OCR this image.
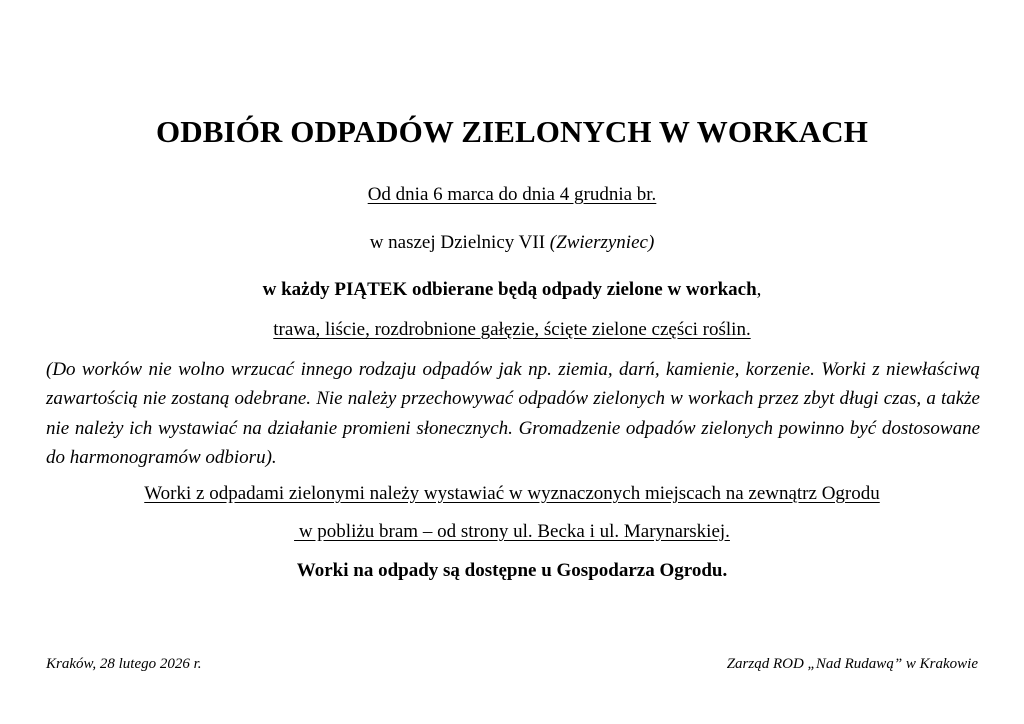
ODBIÓR ODPADÓW ZIELONYCH W WORKACH
Od dnia 6 marca do dnia 4 grudnia br.
w naszej Dzielnicy VII (Zwierzyniec)
w każdy PIĄTEK odbierane będą odpady zielone w workach,
trawa, liście, rozdrobnione gałęzie, ścięte zielone części roślin.
(Do worków nie wolno wrzucać innego rodzaju odpadów jak np. ziemia, darń, kamienie, korzenie. Worki z niewłaściwą zawartością nie zostaną odebrane. Nie należy przechowywać odpadów zielonych w workach przez zbyt długi czas, a także nie należy ich wystawiać na działanie promieni słonecznych. Gromadzenie odpadów zielonych powinno być dostosowane do harmonogramów odbioru).
Worki z odpadami zielonymi należy wystawiać w wyznaczonych miejscach na zewnątrz Ogrodu
w pobliżu bram – od strony ul. Becka i ul. Marynarskiej.
Worki na odpady są dostępne u Gospodarza Ogrodu.
Kraków, 28 lutego 2026 r.	Zarząd ROD „Nad Rudawą” w Krakowie
